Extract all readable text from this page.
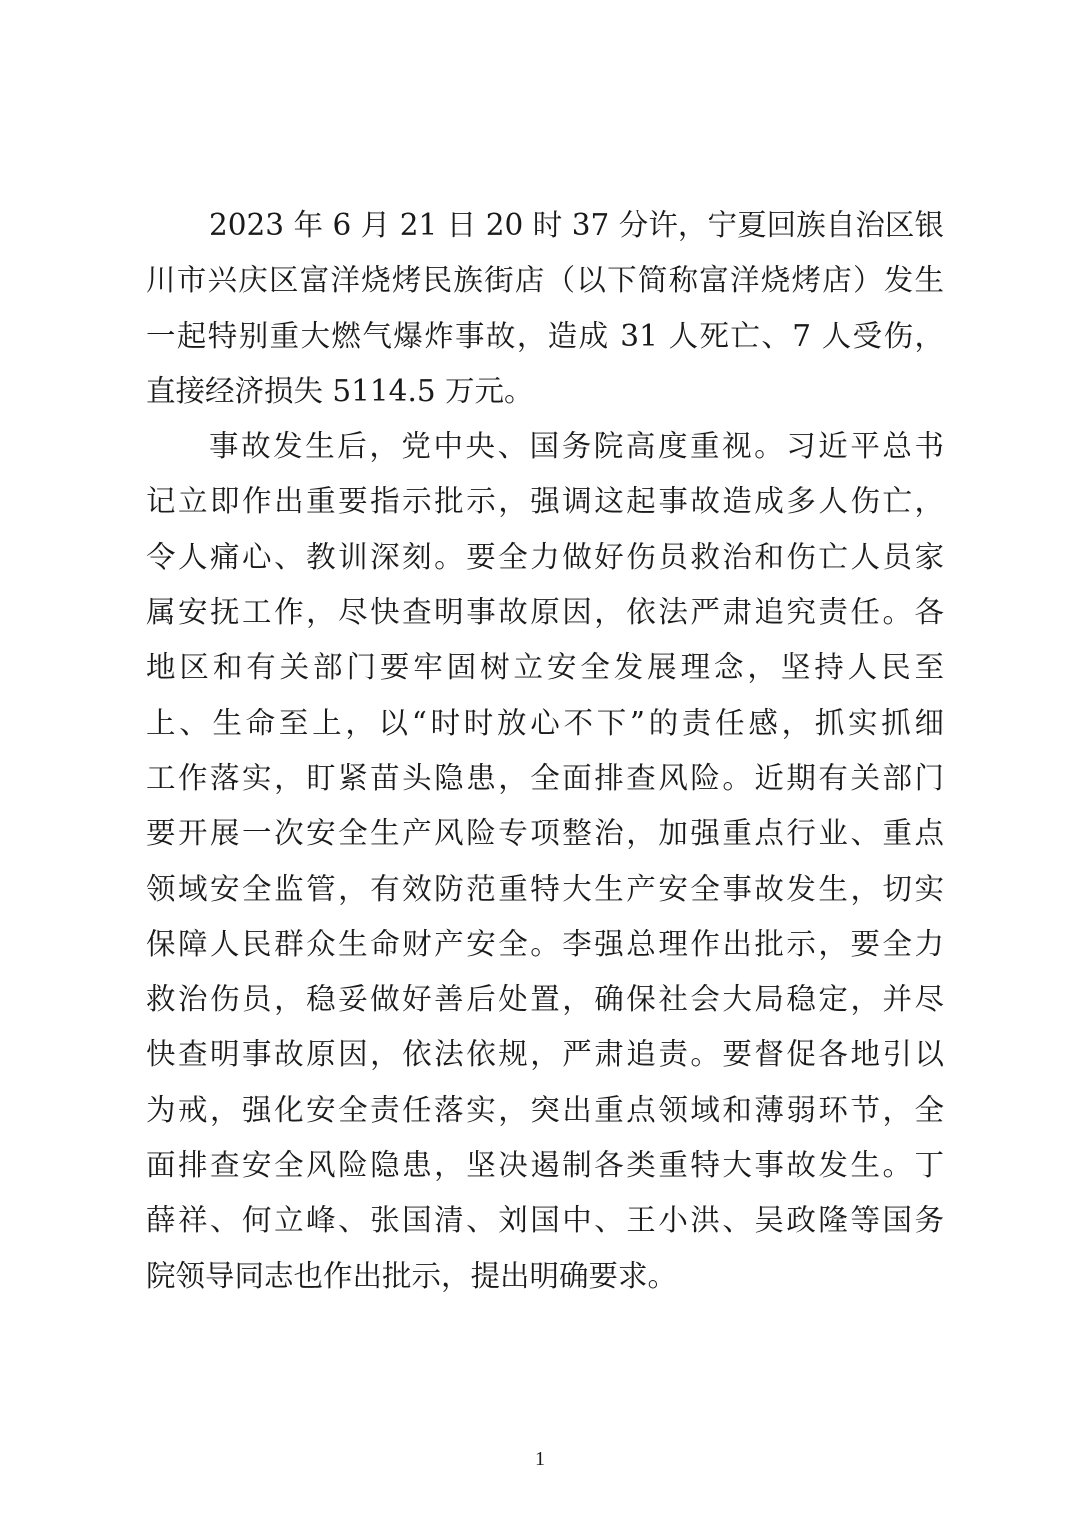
2023 年 6 月 21 日 20 时 37 分许，宁夏回族自治区银
川市兴庆区富洋烧烤民族街店（以下简称富洋烧烤店）发生
一起特别重大燃气爆炸事故，造成 31 人死亡、7 人受伤，
直接经济损失 5114.5 万元。
事故发生后，党中央、国务院高度重视。习近平总书
记立即作出重要指示批示，强调这起事故造成多人伤亡，
令人痛心、教训深刻。要全力做好伤员救治和伤亡人员家
属安抚工作，尽快查明事故原因，依法严肃追究责任。各
地区和有关部门要牢固树立安全发展理念，坚持人民至
上、生命至上，以“时时放心不下”的责任感，抓实抓细
工作落实，盯紧苗头隐患，全面排查风险。近期有关部门
要开展一次安全生产风险专项整治，加强重点行业、重点
领域安全监管，有效防范重特大生产安全事故发生，切实
保障人民群众生命财产安全。李强总理作出批示，要全力
救治伤员，稳妥做好善后处置，确保社会大局稳定，并尽
快查明事故原因，依法依规，严肃追责。要督促各地引以
为戒，强化安全责任落实，突出重点领域和薄弱环节，全
面排查安全风险隐患，坚决遏制各类重特大事故发生。丁
薛祥、何立峰、张国清、刘国中、王小洪、吴政隆等国务
院领导同志也作出批示，提出明确要求。
1
